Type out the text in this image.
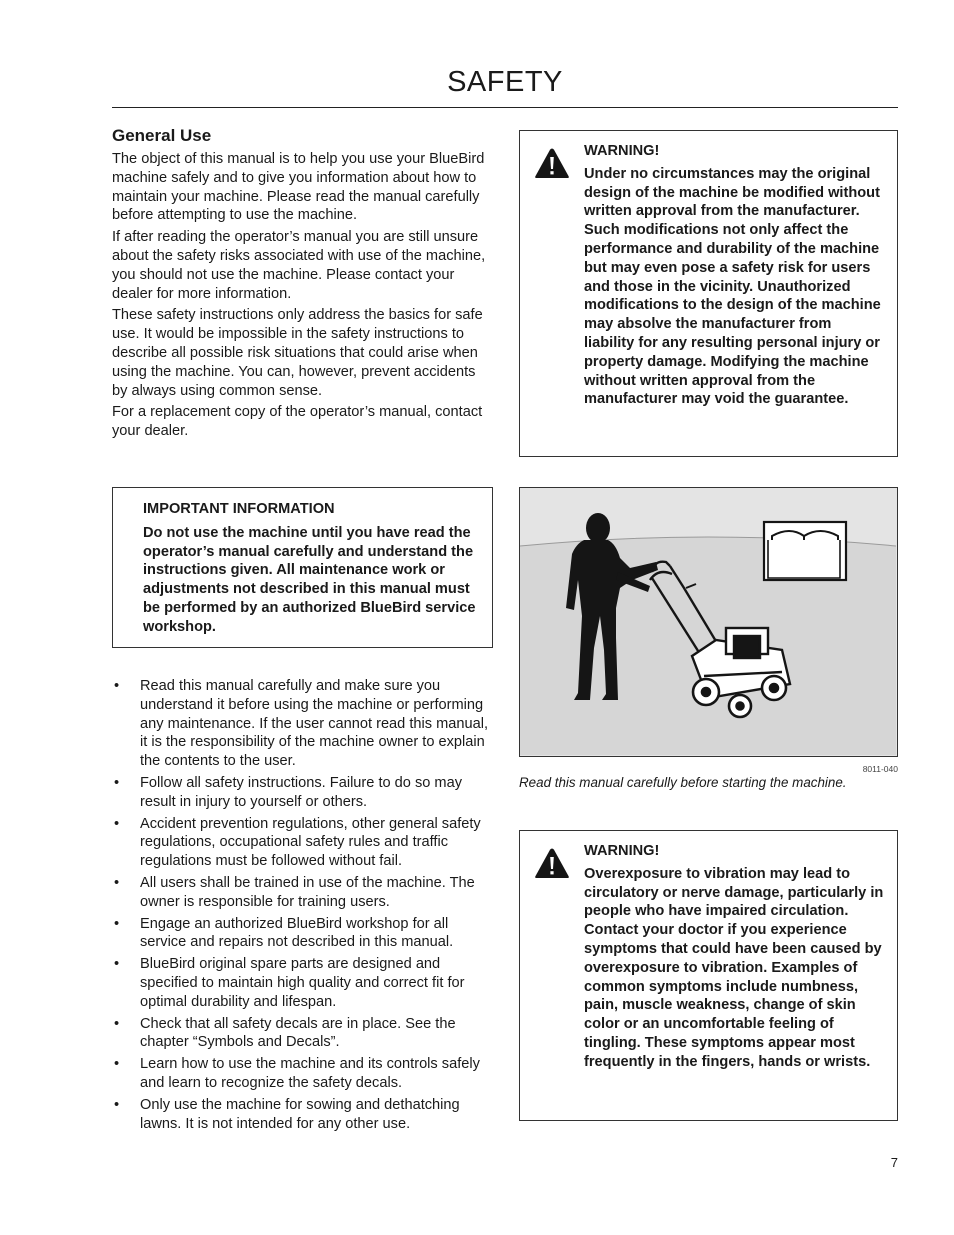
SAFETY
General Use

The object of this manual is to help you use your BlueBird machine safely and to give you information about how to maintain your machine. Please read the manual carefully before attempting to use the machine.

If after reading the operator’s manual you are still unsure about the safety risks associated with use of the machine, you should not use the machine. Please contact your dealer for more information.

These safety instructions only address the basics for safe use. It would be impossible in the safety instructions to describe all possible risk situations that could arise when using the machine. You can, however, prevent accidents by always using common sense.

For a replacement copy of the operator’s manual, contact your dealer.

IMPORTANT INFORMATION
Do not use the machine until you have read the operator’s manual carefully and understand the instructions given. All maintenance work or adjustments not described in this manual must be performed by an authorized BlueBird service workshop.
• Read this manual carefully and make sure you understand it before using the machine or performing any maintenance. If the user cannot read this manual, it is the responsibility of the machine owner to explain the contents to the user.
• Follow all safety instructions. Failure to do so may result in injury to yourself or others.
• Accident prevention regulations, other general safety regulations, occupational safety rules and traffic regulations must be followed without fail.
• All users shall be trained in use of the machine. The owner is responsible for training users.
• Engage an authorized BlueBird workshop for all service and repairs not described in this manual.
• BlueBird original spare parts are designed and specified to maintain high quality and correct fit for optimal durability and lifespan.
• Check that all safety decals are in place. See the chapter “Symbols and Decals”.
• Learn how to use the machine and its controls safely and learn to recognize the safety decals.
• Only use the machine for sowing and dethatching lawns. It is not intended for any other use.
WARNING!
Under no circumstances may the original design of the machine be modified without written approval from the manufacturer. Such modifications not only affect the performance and durability of the machine but may even pose a safety risk for users and those in the vicinity. Unauthorized modifications to the design of the machine may absolve the manufacturer from liability for any resulting personal injury or property damage. Modifying the machine without written approval from the manufacturer may void the guarantee.
8011-040
Read this manual carefully before starting the machine.
WARNING!
Overexposure to vibration may lead to circulatory or nerve damage, particularly in people who have impaired circulation.
Contact your doctor if you experience symptoms that could have been caused by overexposure to vibration. Examples of common symptoms include numbness, pain, muscle weakness, change of skin color or an uncomfortable feeling of tingling. These symptoms appear most frequently in the fingers, hands or wrists.
7
